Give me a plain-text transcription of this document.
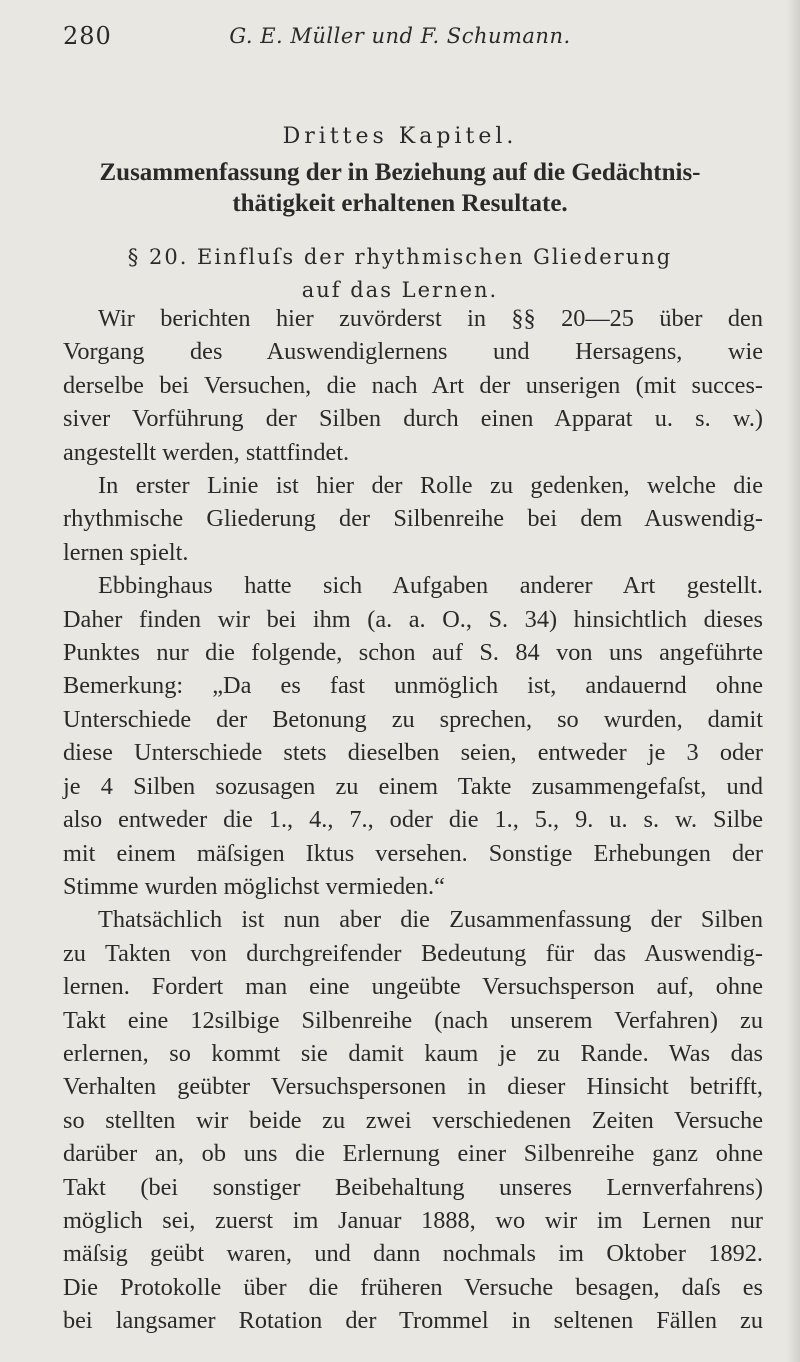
280	G. E. Müller und F. Schumann.
Drittes Kapitel.
Zusammenfassung der in Beziehung auf die Gedächtnis-
thätigkeit erhaltenen Resultate.
§ 20. Einfluſs der rhythmischen Gliederung
auf das Lernen.
Wir berichten hier zuvörderst in §§ 20—25 über den
Vorgang des Auswendiglernens und Hersagens, wie
derselbe bei Versuchen, die nach Art der unserigen (mit succes-
siver Vorführung der Silben durch einen Apparat u. s. w.)
angestellt werden, stattfindet.
In erster Linie ist hier der Rolle zu gedenken, welche die
rhythmische Gliederung der Silbenreihe bei dem Auswendig-
lernen spielt.
Ebbinghaus hatte sich Aufgaben anderer Art gestellt.
Daher finden wir bei ihm (a. a. O., S. 34) hinsichtlich dieses
Punktes nur die folgende, schon auf S. 84 von uns angeführte
Bemerkung: „Da es fast unmöglich ist, andauernd ohne
Unterschiede der Betonung zu sprechen, so wurden, damit
diese Unterschiede stets dieselben seien, entweder je 3 oder
je 4 Silben sozusagen zu einem Takte zusammengefaſst, und
also entweder die 1., 4., 7., oder die 1., 5., 9. u. s. w. Silbe
mit einem mäſsigen Iktus versehen. Sonstige Erhebungen der
Stimme wurden möglichst vermieden.“
Thatsächlich ist nun aber die Zusammenfassung der Silben
zu Takten von durchgreifender Bedeutung für das Auswendig-
lernen. Fordert man eine ungeübte Versuchsperson auf, ohne
Takt eine 12silbige Silbenreihe (nach unserem Verfahren) zu
erlernen, so kommt sie damit kaum je zu Rande. Was das
Verhalten geübter Versuchspersonen in dieser Hinsicht betrifft,
so stellten wir beide zu zwei verschiedenen Zeiten Versuche
darüber an, ob uns die Erlernung einer Silbenreihe ganz ohne
Takt (bei sonstiger Beibehaltung unseres Lernverfahrens)
möglich sei, zuerst im Januar 1888, wo wir im Lernen nur
mäſsig geübt waren, und dann nochmals im Oktober 1892.
Die Protokolle über die früheren Versuche besagen, daſs es
bei langsamer Rotation der Trommel in seltenen Fällen zu
